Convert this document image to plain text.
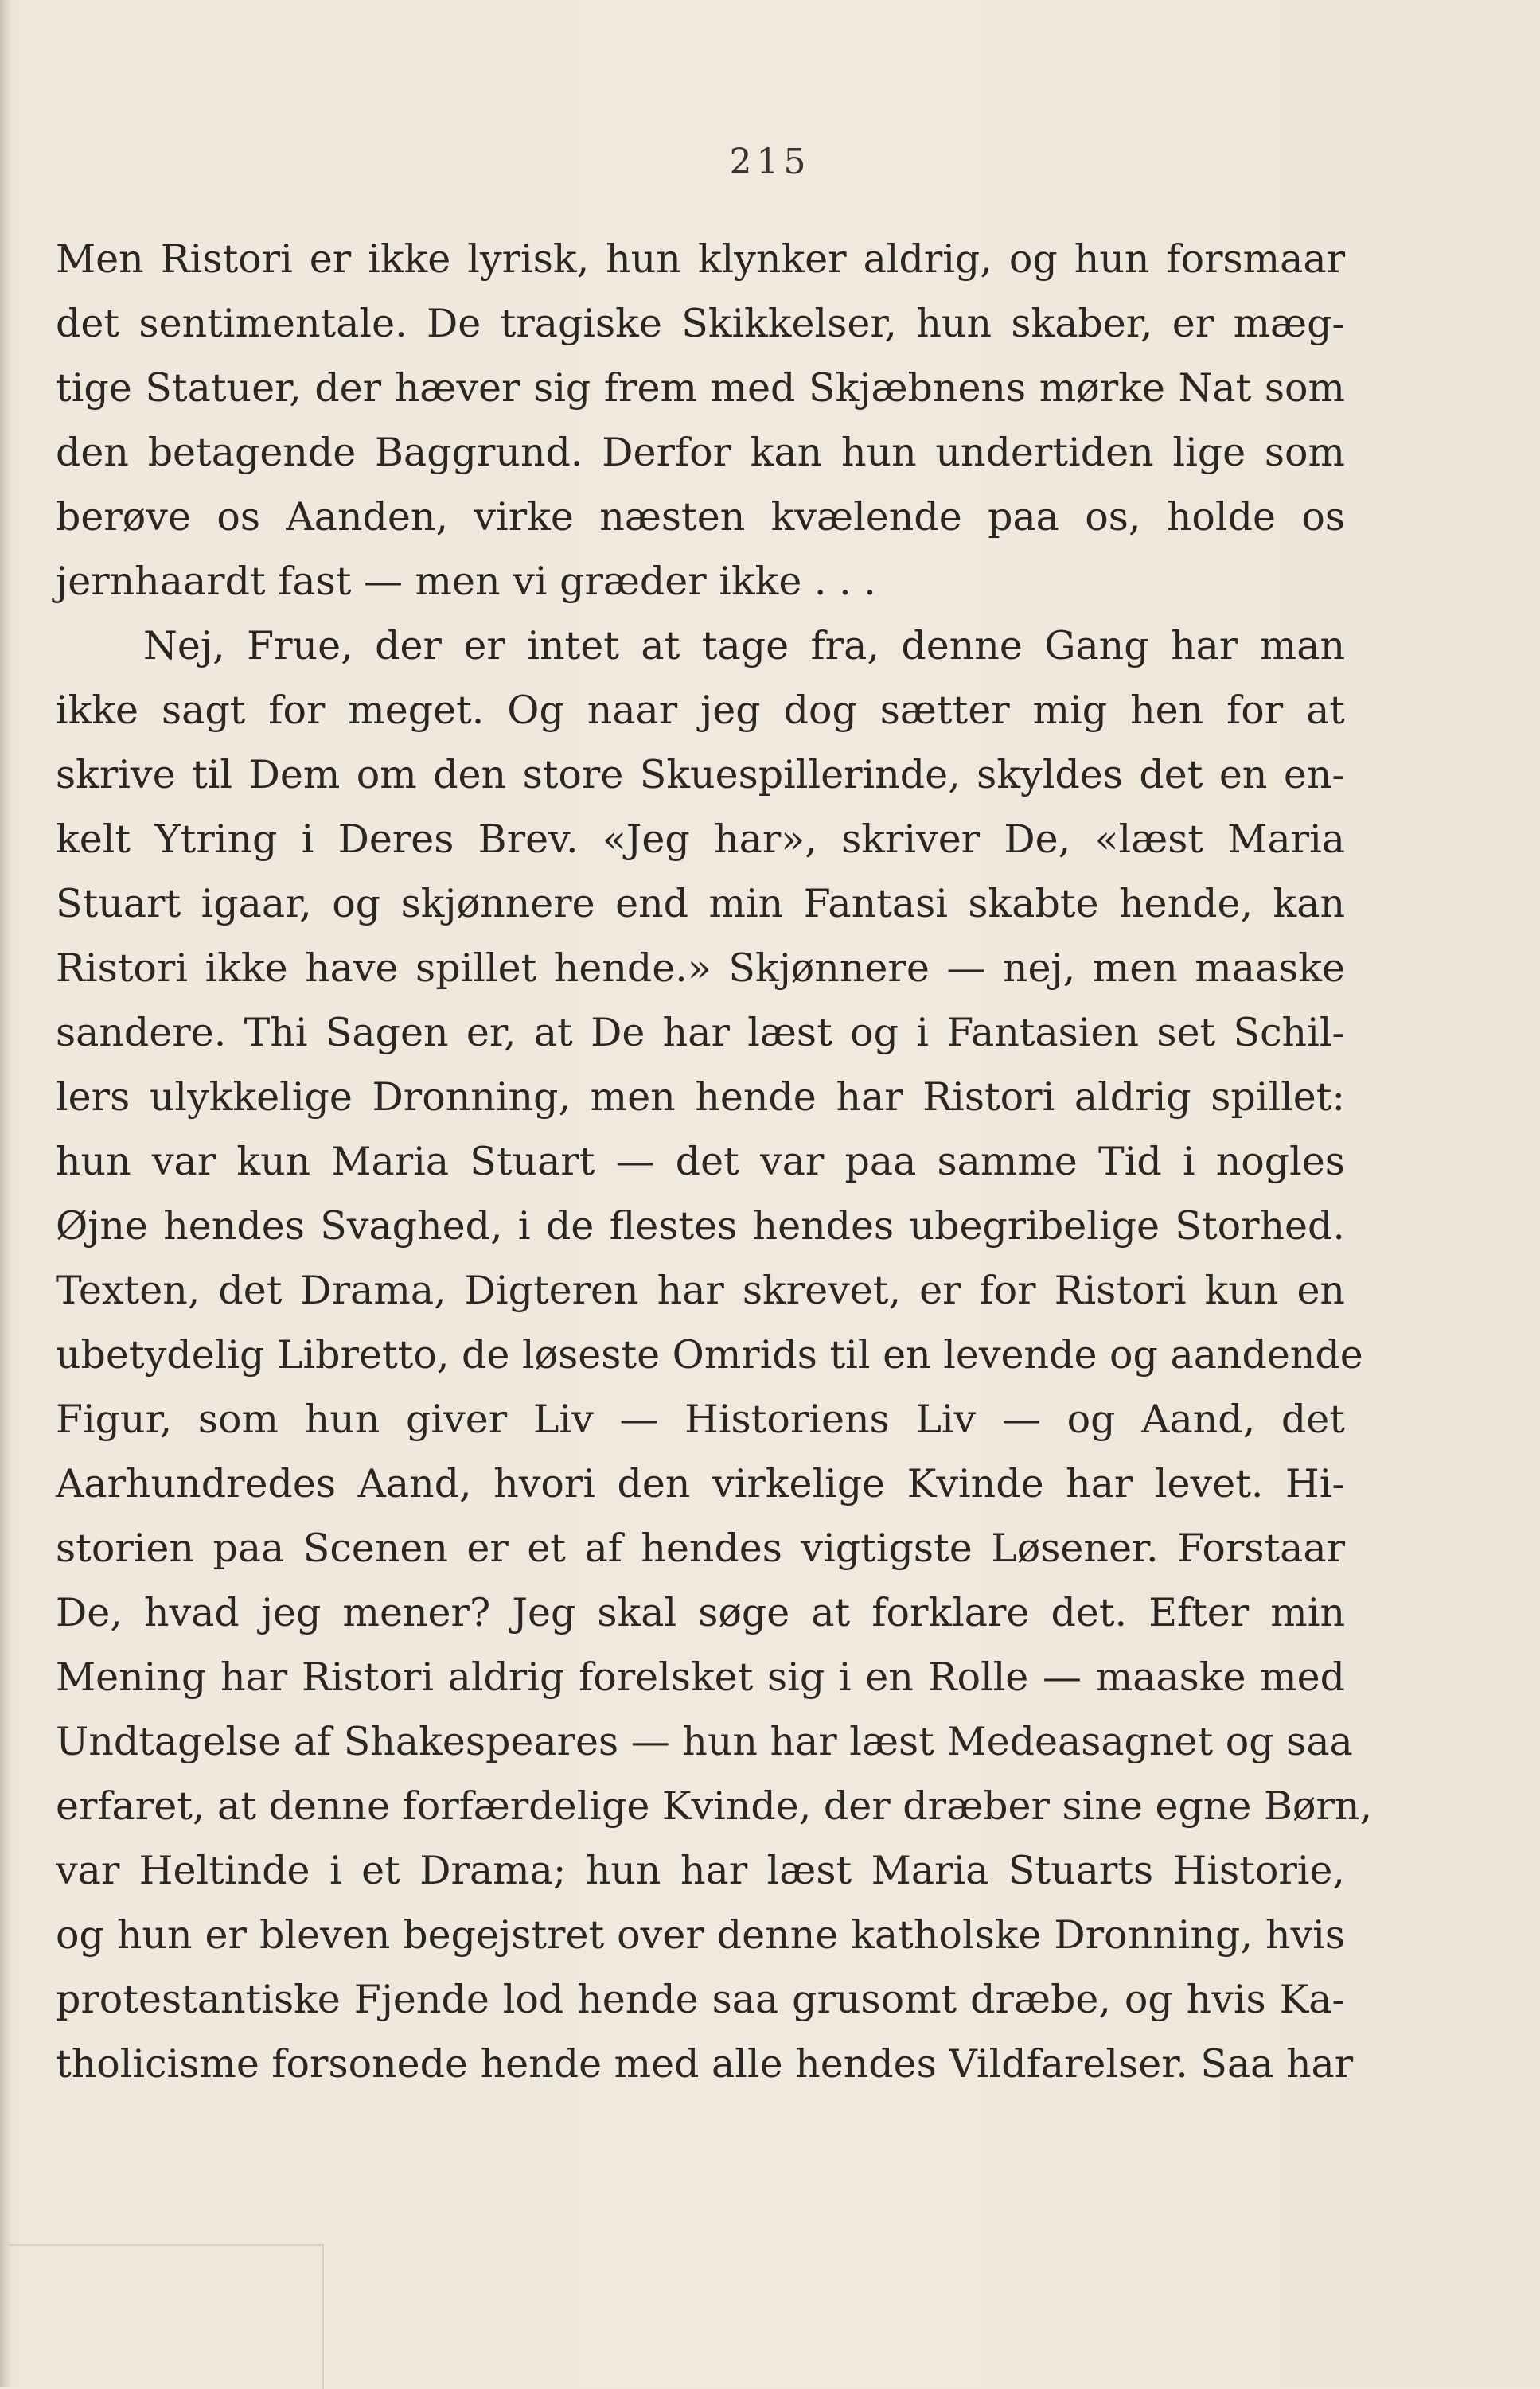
215
Men Ristori er ikke lyrisk, hun klynker aldrig, og hun forsmaar
det sentimentale. De tragiske Skikkelser, hun skaber, er mæg-
tige Statuer, der hæver sig frem med Skjæbnens mørke Nat som
den betagende Baggrund. Derfor kan hun undertiden lige som
berøve os Aanden, virke næsten kvælende paa os, holde os
jernhaardt fast — men vi græder ikke . . .
Nej, Frue, der er intet at tage fra, denne Gang har man
ikke sagt for meget. Og naar jeg dog sætter mig hen for at
skrive til Dem om den store Skuespillerinde, skyldes det en en-
kelt Ytring i Deres Brev. «Jeg har», skriver De, «læst Maria
Stuart igaar, og skjønnere end min Fantasi skabte hende, kan
Ristori ikke have spillet hende.» Skjønnere — nej, men maaske
sandere. Thi Sagen er, at De har læst og i Fantasien set Schil-
lers ulykkelige Dronning, men hende har Ristori aldrig spillet:
hun var kun Maria Stuart — det var paa samme Tid i nogles
Øjne hendes Svaghed, i de flestes hendes ubegribelige Storhed.
Texten, det Drama, Digteren har skrevet, er for Ristori kun en
ubetydelig Libretto, de løseste Omrids til en levende og aandende
Figur, som hun giver Liv — Historiens Liv — og Aand, det
Aarhundredes Aand, hvori den virkelige Kvinde har levet. Hi-
storien paa Scenen er et af hendes vigtigste Løsener. Forstaar
De, hvad jeg mener? Jeg skal søge at forklare det. Efter min
Mening har Ristori aldrig forelsket sig i en Rolle — maaske med
Undtagelse af Shakespeares — hun har læst Medeasagnet og saa
erfaret, at denne forfærdelige Kvinde, der dræber sine egne Børn,
var Heltinde i et Drama; hun har læst Maria Stuarts Historie,
og hun er bleven begejstret over denne katholske Dronning, hvis
protestantiske Fjende lod hende saa grusomt dræbe, og hvis Ka-
tholicisme forsonede hende med alle hendes Vildfarelser. Saa har
